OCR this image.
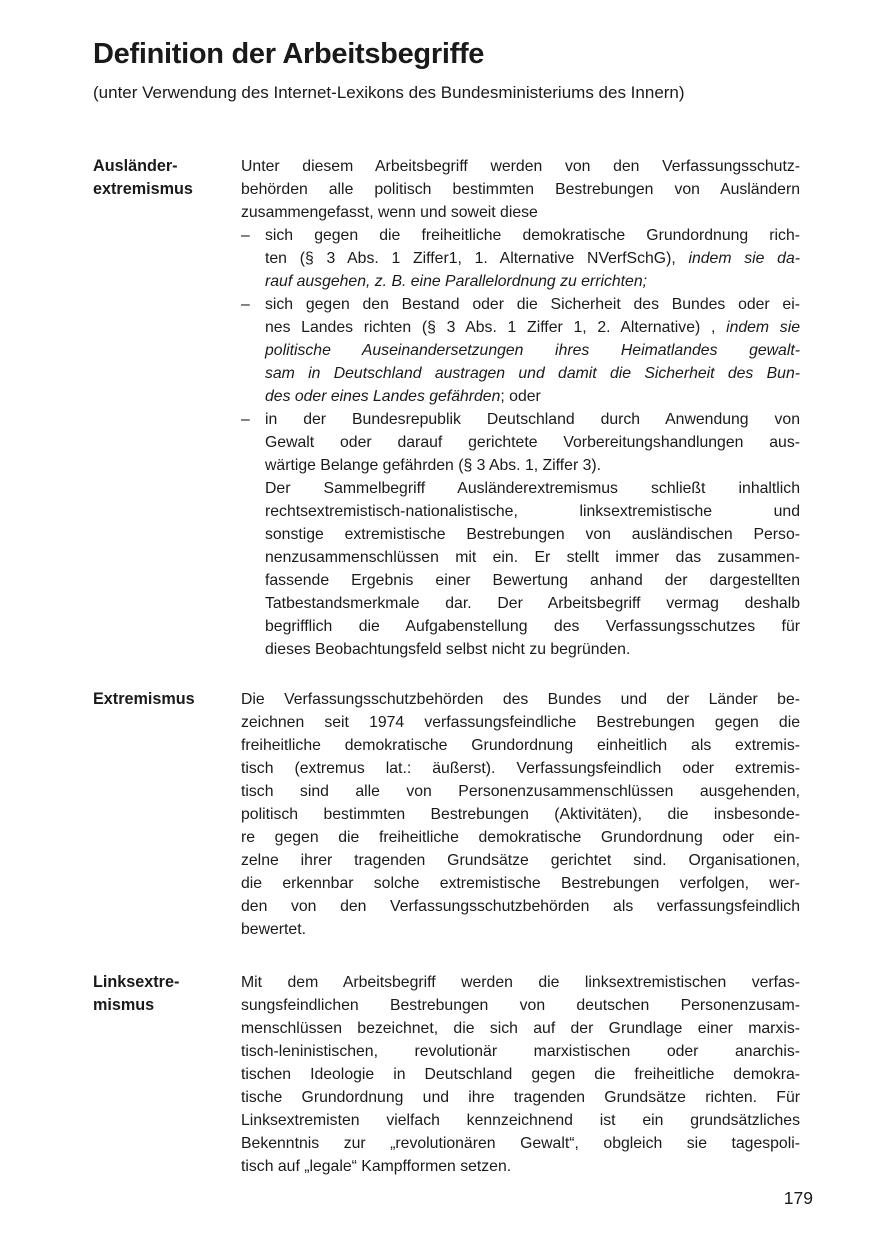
Definition der Arbeitsbegriffe

(unter Verwendung des Internet-Lexikons des Bundesministeriums des Innern)

Ausländer-
extremismus
Unter diesem Arbeitsbegriff werden von den Verfassungsschutz-
behörden alle politisch bestimmten Bestrebungen von Ausländern
zusammengefasst, wenn und soweit diese
– sich gegen die freiheitliche demokratische Grundordnung rich-
ten (§ 3 Abs. 1 Ziffer1, 1. Alternative NVerfSchG), indem sie da-
rauf ausgehen, z. B. eine Parallelordnung zu errichten;
– sich gegen den Bestand oder die Sicherheit des Bundes oder ei-
nes Landes richten (§ 3 Abs. 1 Ziffer 1, 2. Alternative) , indem sie
politische Auseinandersetzungen ihres Heimatlandes gewalt-
sam in Deutschland austragen und damit die Sicherheit des Bun-
des oder eines Landes gefährden; oder
– in der Bundesrepublik Deutschland durch Anwendung von
Gewalt oder darauf gerichtete Vorbereitungshandlungen aus-
wärtige Belange gefährden (§ 3 Abs. 1, Ziffer 3).
Der Sammelbegriff Ausländerextremismus schließt inhaltlich
rechtsextremistisch-nationalistische, linksextremistische und
sonstige extremistische Bestrebungen von ausländischen Perso-
nenzusammenschlüssen mit ein. Er stellt immer das zusammen-
fassende Ergebnis einer Bewertung anhand der dargestellten
Tatbestandsmerkmale dar. Der Arbeitsbegriff vermag deshalb
begrifflich die Aufgabenstellung des Verfassungsschutzes für
dieses Beobachtungsfeld selbst nicht zu begründen.
Extremismus	Die Verfassungsschutzbehörden des Bundes und der Länder be-
zeichnen seit 1974 verfassungsfeindliche Bestrebungen gegen die
freiheitliche demokratische Grundordnung einheitlich als extremis-
tisch (extremus lat.: äußerst). Verfassungsfeindlich oder extremis-
tisch sind alle von Personenzusammenschlüssen ausgehenden,
politisch bestimmten Bestrebungen (Aktivitäten), die insbesonde-
re gegen die freiheitliche demokratische Grundordnung oder ein-
zelne ihrer tragenden Grundsätze gerichtet sind. Organisationen,
die erkennbar solche extremistische Bestrebungen verfolgen, wer-
den von den Verfassungsschutzbehörden als verfassungsfeindlich
bewertet.
Linksextre-
mismus
Mit dem Arbeitsbegriff werden die linksextremistischen verfas-
sungsfeindlichen Bestrebungen von deutschen Personenzusam-
menschlüssen bezeichnet, die sich auf der Grundlage einer marxis-
tisch-leninistischen, revolutionär marxistischen oder anarchis-
tischen Ideologie in Deutschland gegen die freiheitliche demokra-
tische Grundordnung und ihre tragenden Grundsätze richten. Für
Linksextremisten vielfach kennzeichnend ist ein grundsätzliches
Bekenntnis zur „revolutionären Gewalt“, obgleich sie tagespoli-
tisch auf „legale“ Kampfformen setzen.
179
